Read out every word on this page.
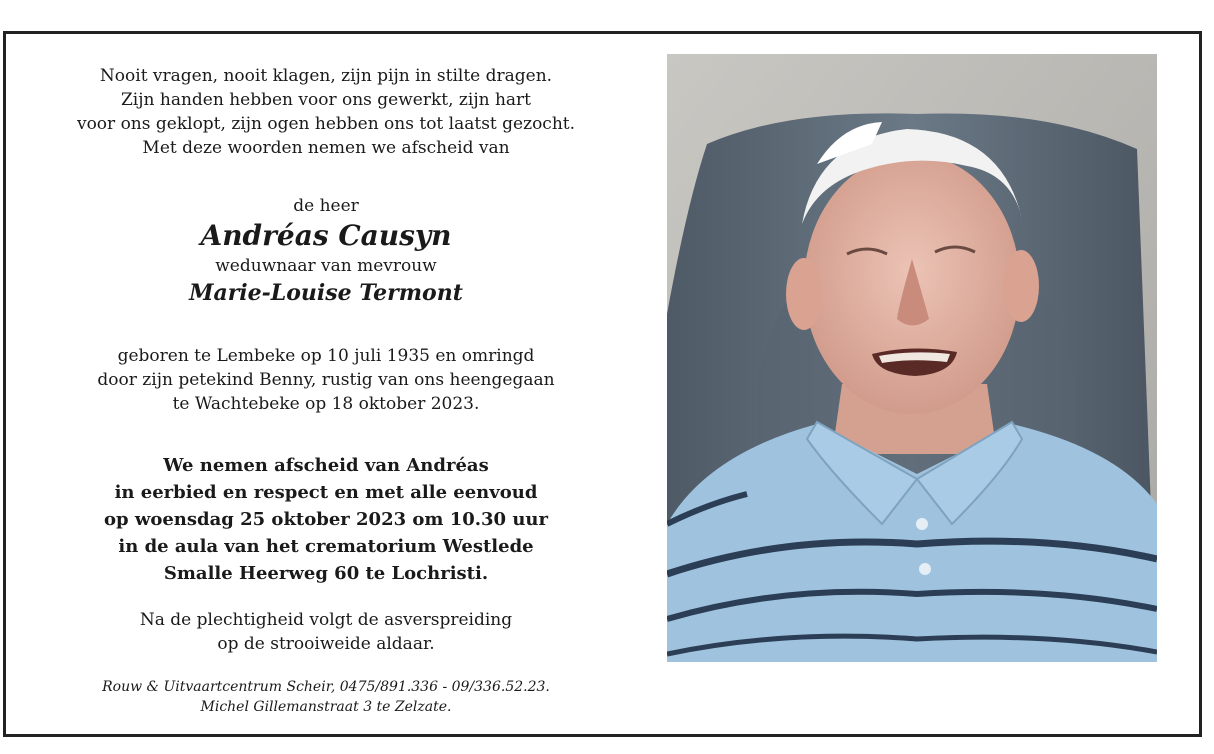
Nooit vragen, nooit klagen, zijn pijn in stilte dragen.
Zijn handen hebben voor ons gewerkt, zijn hart
voor ons geklopt, zijn ogen hebben ons tot laatst gezocht.
Met deze woorden nemen we afscheid van
de heer
Andréas Causyn
weduwnaar van mevrouw
Marie-Louise Termont
geboren te Lembeke op 10 juli 1935 en omringd
door zijn petekind Benny, rustig van ons heengegaan
te Wachtebeke op 18 oktober 2023.
We nemen afscheid van Andréas
in eerbied en respect en met alle eenvoud
op woensdag 25 oktober 2023 om 10.30 uur
in de aula van het crematorium Westlede
Smalle Heerweg 60 te Lochristi.
Na de plechtigheid volgt de asverspreiding
op de strooiweide aldaar.
Rouw & Uitvaartcentrum Scheir, 0475/891.336 - 09/336.52.23.
Michel Gillemanstraat 3 te Zelzate.
